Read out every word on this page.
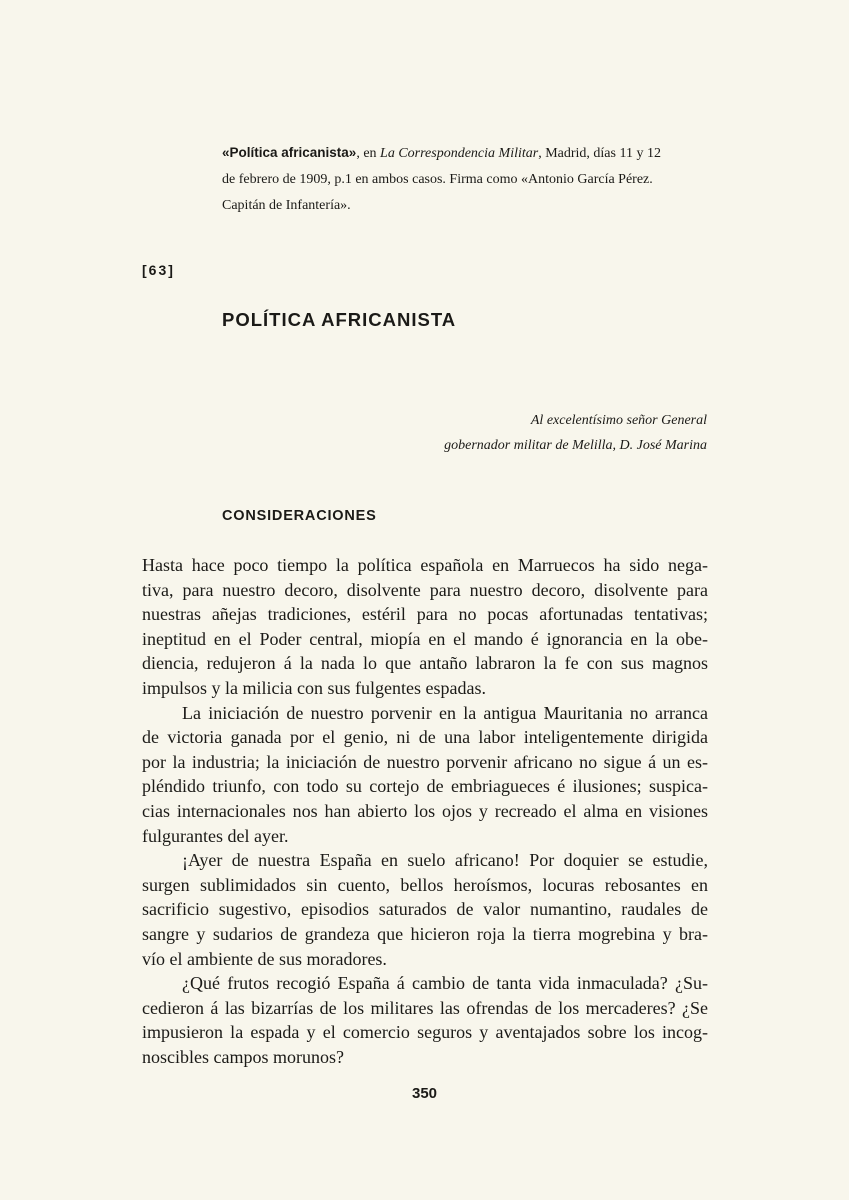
«Política africanista», en La Correspondencia Militar, Madrid, días 11 y 12
de febrero de 1909, p.1 en ambos casos. Firma como «Antonio García Pérez.
Capitán de Infantería».
[63]
POLÍTICA AFRICANISTA
Al excelentísimo señor General
gobernador militar de Melilla, D. José Marina
CONSIDERACIONES
Hasta hace poco tiempo la política española en Marruecos ha sido nega-
tiva, para nuestro decoro, disolvente para nuestro decoro, disolvente para
nuestras añejas tradiciones, estéril para no pocas afortunadas tentativas;
ineptitud en el Poder central, miopía en el mando é ignorancia en la obe-
diencia, redujeron á la nada lo que antaño labraron la fe con sus magnos
impulsos y la milicia con sus fulgentes espadas.
La iniciación de nuestro porvenir en la antigua Mauritania no arranca
de victoria ganada por el genio, ni de una labor inteligentemente dirigida
por la industria; la iniciación de nuestro porvenir africano no sigue á un es-
pléndido triunfo, con todo su cortejo de embriagueces é ilusiones; suspica-
cias internacionales nos han abierto los ojos y recreado el alma en visiones
fulgurantes del ayer.
¡Ayer de nuestra España en suelo africano! Por doquier se estudie,
surgen sublimidados sin cuento, bellos heroísmos, locuras rebosantes en
sacrificio sugestivo, episodios saturados de valor numantino, raudales de
sangre y sudarios de grandeza que hicieron roja la tierra mogrebina y bra-
vío el ambiente de sus moradores.
¿Qué frutos recogió España á cambio de tanta vida inmaculada? ¿Su-
cedieron á las bizarrías de los militares las ofrendas de los mercaderes? ¿Se
impusieron la espada y el comercio seguros y aventajados sobre los incog-
noscibles campos morunos?
350
